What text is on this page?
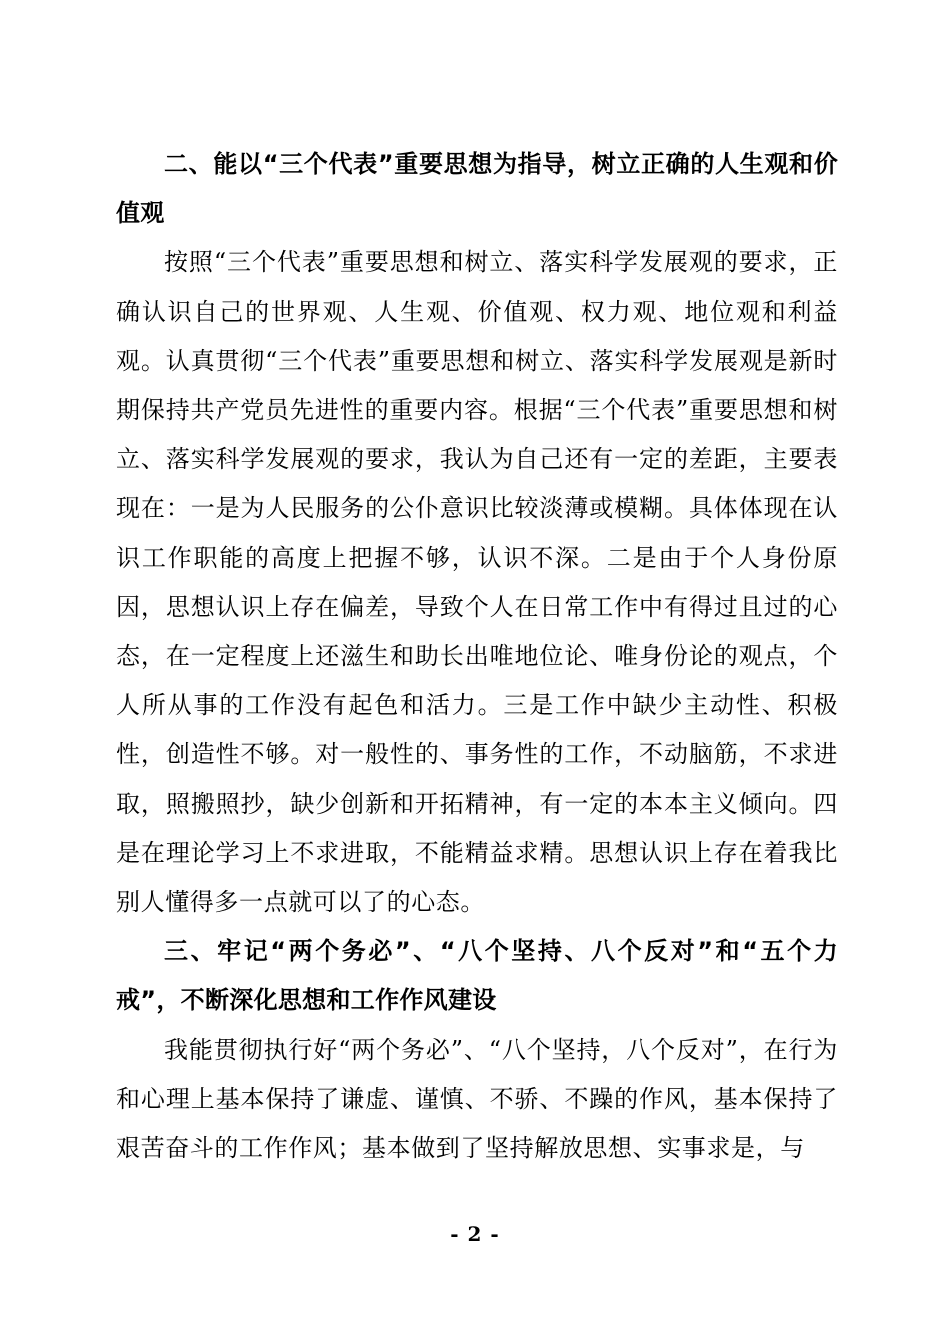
二、能以“三个代表”重要思想为指导，树立正确的人生观和价值观

按照“三个代表”重要思想和树立、落实科学发展观的要求，正确认识自己的世界观、人生观、价值观、权力观、地位观和利益观。认真贯彻“三个代表”重要思想和树立、落实科学发展观是新时期保持共产党员先进性的重要内容。根据“三个代表”重要思想和树立、落实科学发展观的要求，我认为自己还有一定的差距，主要表现在：一是为人民服务的公仆意识比较淡薄或模糊。具体体现在认识工作职能的高度上把握不够，认识不深。二是由于个人身份原因，思想认识上存在偏差，导致个人在日常工作中有得过且过的心态，在一定程度上还滋生和助长出唯地位论、唯身份论的观点，个人所从事的工作没有起色和活力。三是工作中缺少主动性、积极性，创造性不够。对一般性的、事务性的工作，不动脑筋，不求进取，照搬照抄，缺少创新和开拓精神，有一定的本本主义倾向。四是在理论学习上不求进取，不能精益求精。思想认识上存在着我比别人懂得多一点就可以了的心态。

三、牢记“两个务必”、“八个坚持、八个反对”和“五个力戒”，不断深化思想和工作作风建设

我能贯彻执行好“两个务必”、“八个坚持，八个反对”，在行为和心理上基本保持了谦虚、谨慎、不骄、不躁的作风，基本保持了艰苦奋斗的工作作风；基本做到了坚持解放思想、实事求是，与

- 2 -
